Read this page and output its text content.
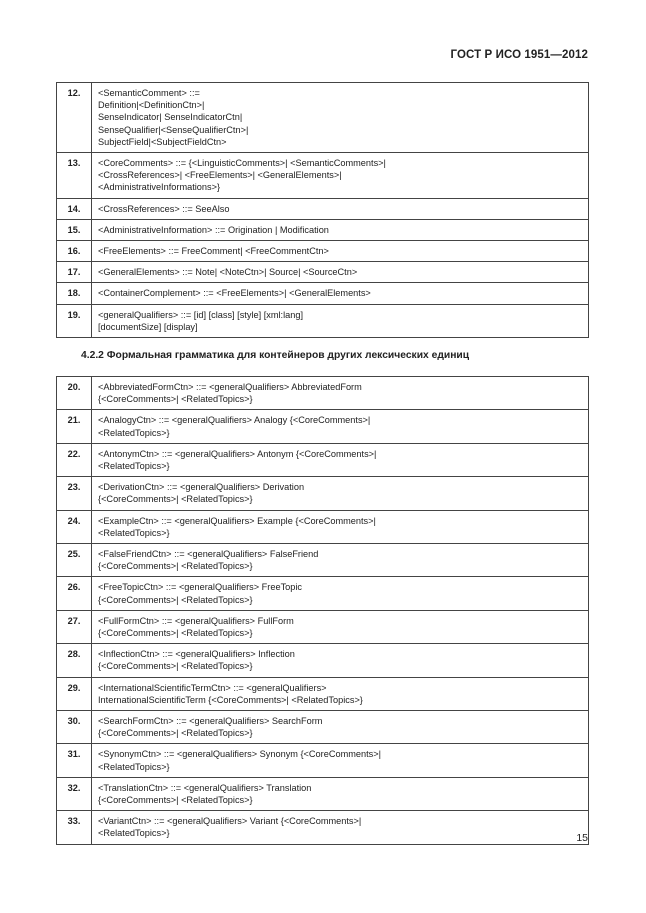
ГОСТ Р ИСО 1951—2012
12.	<SemanticComment> ::=
Definition|<DefinitionCtn>|
SenseIndicator| SenseIndicatorCtn|
SenseQualifier|<SenseQualifierCtn>|
SubjectField|<SubjectFieldCtn>
13.	<CoreComments> ::= {<LinguisticComments>| <SemanticComments>|
<CrossReferences>| <FreeElements>| <GeneralElements>|
<AdministrativeInformations>}
14.	<CrossReferences> ::= SeeAlso
15.	<AdministrativeInformation> ::= Origination | Modification
16.	<FreeElements> ::= FreeComment| <FreeCommentCtn>
17.	<GeneralElements> ::= Note| <NoteCtn>| Source| <SourceCtn>
18.	<ContainerComplement> ::= <FreeElements>| <GeneralElements>
19.	<generalQualifiers> ::= [id] [class] [style] [xml:lang]
[documentSize] [display]
4.2.2 Формальная грамматика для контейнеров других лексических единиц
20.	<AbbreviatedFormCtn> ::= <generalQualifiers> AbbreviatedForm
{<CoreComments>| <RelatedTopics>}
21.	<AnalogyCtn> ::= <generalQualifiers> Analogy {<CoreComments>|
<RelatedTopics>}
22.	<AntonymCtn> ::= <generalQualifiers> Antonym {<CoreComments>|
<RelatedTopics>}
23.	<DerivationCtn> ::= <generalQualifiers> Derivation
{<CoreComments>| <RelatedTopics>}
24.	<ExampleCtn> ::= <generalQualifiers> Example {<CoreComments>|
<RelatedTopics>}
25.	<FalseFriendCtn> ::= <generalQualifiers> FalseFriend
{<CoreComments>| <RelatedTopics>}
26.	<FreeTopicCtn> ::= <generalQualifiers> FreeTopic
{<CoreComments>| <RelatedTopics>}
27.	<FullFormCtn> ::= <generalQualifiers> FullForm
{<CoreComments>| <RelatedTopics>}
28.	<InflectionCtn> ::= <generalQualifiers> Inflection
{<CoreComments>| <RelatedTopics>}
29.	<InternationalScientificTermCtn> ::= <generalQualifiers>
InternationalScientificTerm {<CoreComments>| <RelatedTopics>}
30.	<SearchFormCtn> ::= <generalQualifiers> SearchForm
{<CoreComments>| <RelatedTopics>}
31.	<SynonymCtn> ::= <generalQualifiers> Synonym {<CoreComments>|
<RelatedTopics>}
32.	<TranslationCtn> ::= <generalQualifiers> Translation
{<CoreComments>| <RelatedTopics>}
33.	<VariantCtn> ::= <generalQualifiers> Variant {<CoreComments>|
<RelatedTopics>}	15
